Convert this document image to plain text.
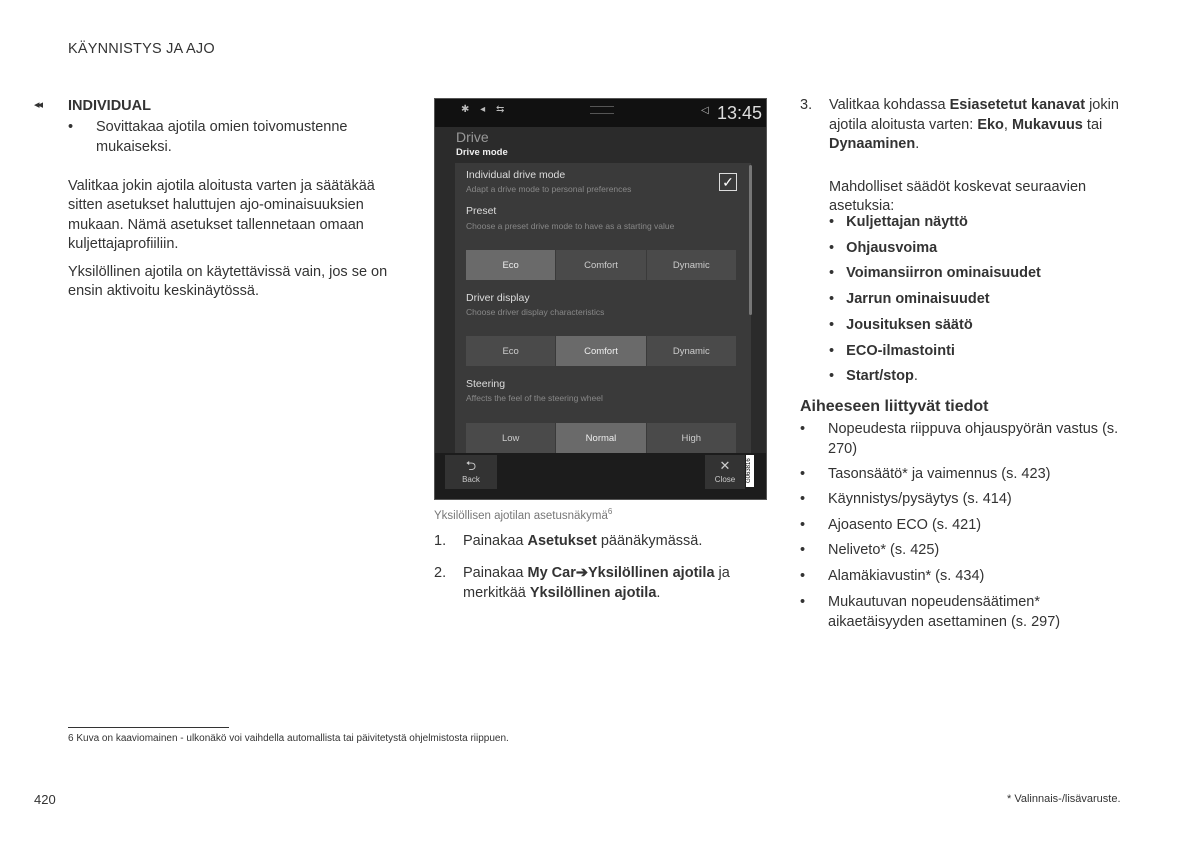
KÄYNNISTYS JA AJO
◂◂ INDIVIDUAL
• Sovittakaa ajotila omien toivomustenne mukaiseksi.

Valitkaa jokin ajotila aloitusta varten ja säätäkää sitten asetukset haluttujen ajo-ominaisuuksien mukaan. Nämä asetukset tallennetaan omaan kuljettajaprofiiliin.

Yksilöllinen ajotila on käytettävissä vain, jos se on ensin aktivoitu keskinäytössä.

✱ ◂ ⇆	◁ 13:45
Drive
Drive mode
Individual drive mode
Adapt a drive mode to personal preferences	✓
Preset
Choose a preset drive mode to have as a starting value
Eco	Comfort	Dynamic
Driver display
Choose driver display characteristics
Eco	Comfort	Dynamic
Steering
Affects the feel of the steering wheel
Low	Normal	High
⮌
Back
✕
Close	G063816
Yksilöllisen ajotilan asetusnäkymä$^6$
1.	Painakaa Asetukset päänäkymässä.
2.	Painakaa My Car➔Yksilöllinen ajotila ja merkitkää Yksilöllinen ajotila.
3.	Valitkaa kohdassa Esiasetetut kanavat jokin ajotila aloitusta varten: Eko, Mukavuus tai Dynaaminen.

Mahdolliset säädöt koskevat seuraavien asetuksia:

• Kuljettajan näyttö
• Ohjausvoima
• Voimansiirron ominaisuudet
• Jarrun ominaisuudet
• Jousituksen säätö
• ECO-ilmastointi
• Start/stop.
Aiheeseen liittyvät tiedot
•	Nopeudesta riippuva ohjauspyörän vastus (s. 270)
•	Tasonsäätö* ja vaimennus (s. 423)
•	Käynnistys/pysäytys (s. 414)
•	Ajoasento ECO (s. 421)
•	Neliveto* (s. 425)
•	Alamäkiavustin* (s. 434)
•	Mukautuvan nopeudensäätimen* aikaetäisyyden asettaminen (s. 297)
6 Kuva on kaaviomainen - ulkonäkö voi vaihdella automallista tai päivitetystä ohjelmistosta riippuen.
420	* Valinnais-/lisävaruste.
